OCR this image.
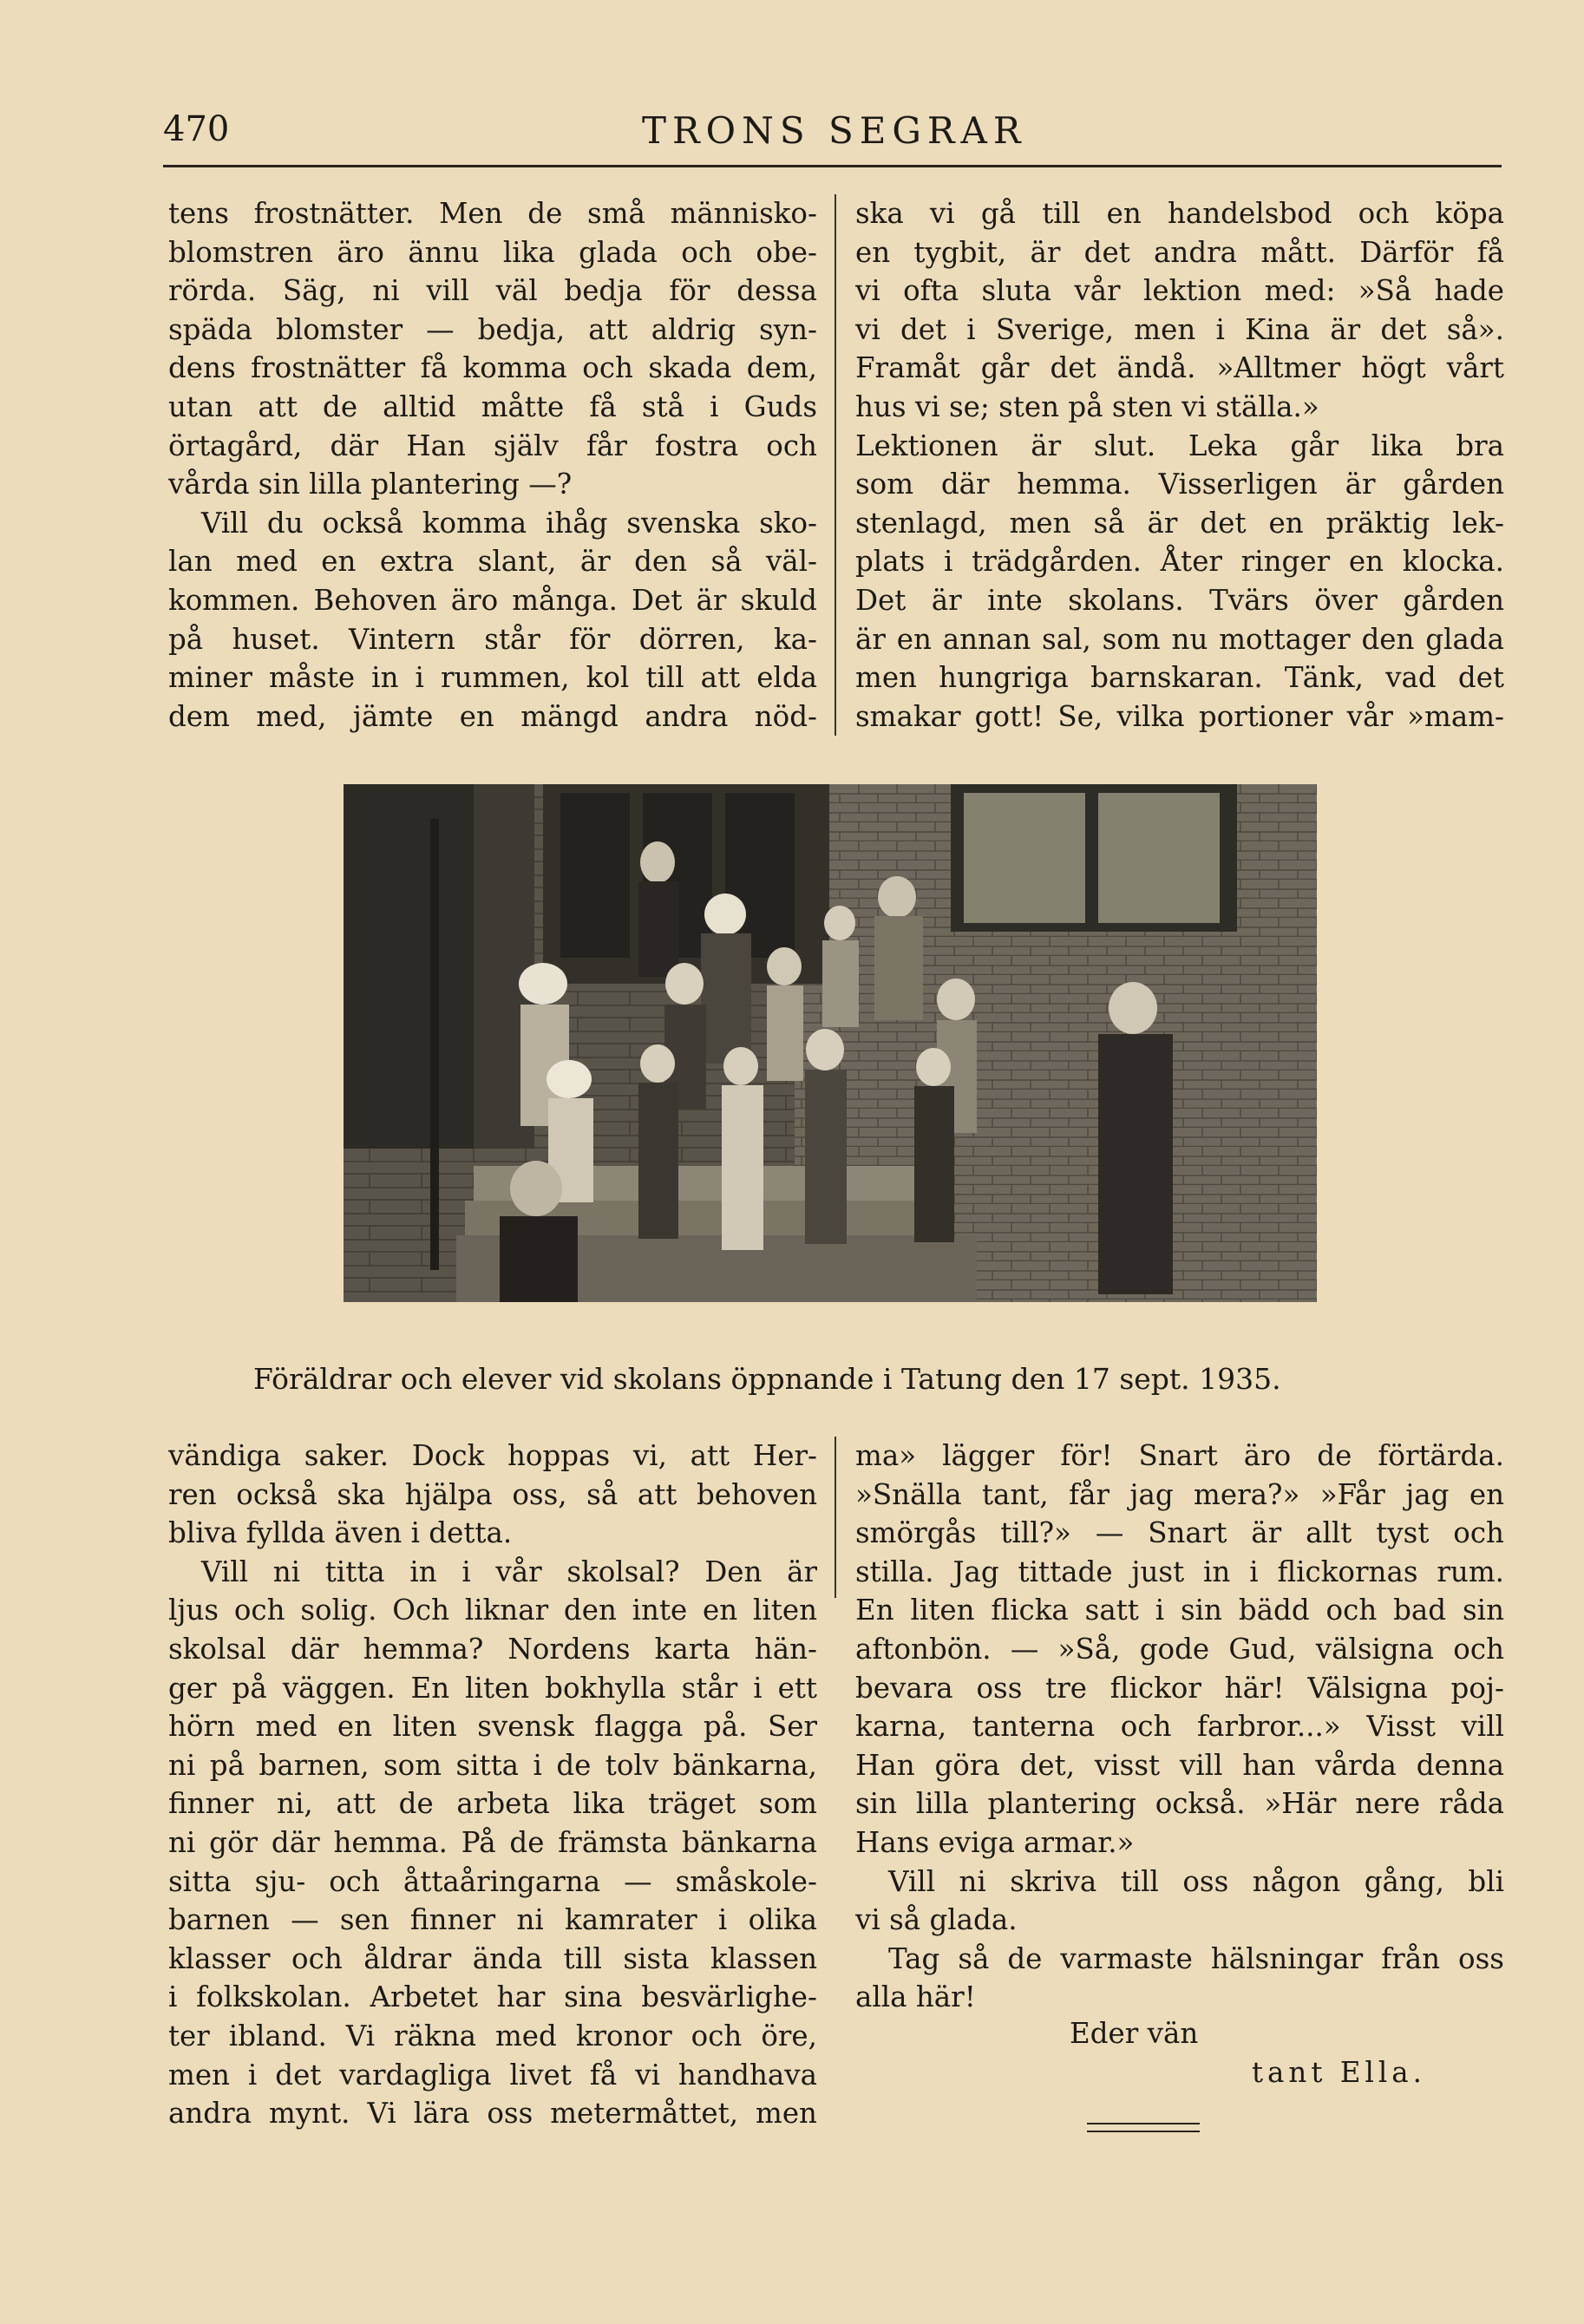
470	TRONS SEGRAR
tens frostnätter. Men de små människo-
blomstren äro ännu lika glada och obe-
rörda. Säg, ni vill väl bedja för dessa
späda blomster — bedja, att aldrig syn-
dens frostnätter få komma och skada dem,
utan att de alltid måtte få stå i Guds
örtagård, där Han själv får fostra och
vårda sin lilla plantering —?
Vill du också komma ihåg svenska sko-
lan med en extra slant, är den så väl-
kommen. Behoven äro många. Det är skuld
på huset. Vintern står för dörren, ka-
miner måste in i rummen, kol till att elda
dem med, jämte en mängd andra nöd-
ska vi gå till en handelsbod och köpa
en tygbit, är det andra mått. Därför få
vi ofta sluta vår lektion med: »Så hade
vi det i Sverige, men i Kina är det så».
Framåt går det ändå. »Alltmer högt vårt
hus vi se; sten på sten vi ställa.»
Lektionen är slut. Leka går lika bra
som där hemma. Visserligen är gården
stenlagd, men så är det en präktig lek-
plats i trädgården. Åter ringer en klocka.
Det är inte skolans. Tvärs över gården
är en annan sal, som nu mottager den glada
men hungriga barnskaran. Tänk, vad det
smakar gott! Se, vilka portioner vår »mam-
Föräldrar och elever vid skolans öppnande i Tatung den 17 sept. 1935.
vändiga saker. Dock hoppas vi, att Her-
ren också ska hjälpa oss, så att behoven
bliva fyllda även i detta.
Vill ni titta in i vår skolsal? Den är
ljus och solig. Och liknar den inte en liten
skolsal där hemma? Nordens karta hän-
ger på väggen. En liten bokhylla står i ett
hörn med en liten svensk flagga på. Ser
ni på barnen, som sitta i de tolv bänkarna,
finner ni, att de arbeta lika träget som
ni gör där hemma. På de främsta bänkarna
sitta sju- och åttaåringarna — småskole-
barnen — sen finner ni kamrater i olika
klasser och åldrar ända till sista klassen
i folkskolan. Arbetet har sina besvärlighe-
ter ibland. Vi räkna med kronor och öre,
men i det vardagliga livet få vi handhava
andra mynt. Vi lära oss metermåttet, men
ma» lägger för! Snart äro de förtärda.
»Snälla tant, får jag mera?» »Får jag en
smörgås till?» — Snart är allt tyst och
stilla. Jag tittade just in i flickornas rum.
En liten flicka satt i sin bädd och bad sin
aftonbön. — »Så, gode Gud, välsigna och
bevara oss tre flickor här! Välsigna poj-
karna, tanterna och farbror...» Visst vill
Han göra det, visst vill han vårda denna
sin lilla plantering också. »Här nere råda
Hans eviga armar.»
Vill ni skriva till oss någon gång, bli
vi så glada.
Tag så de varmaste hälsningar från oss
alla här!
Eder vän
tant Ella.
